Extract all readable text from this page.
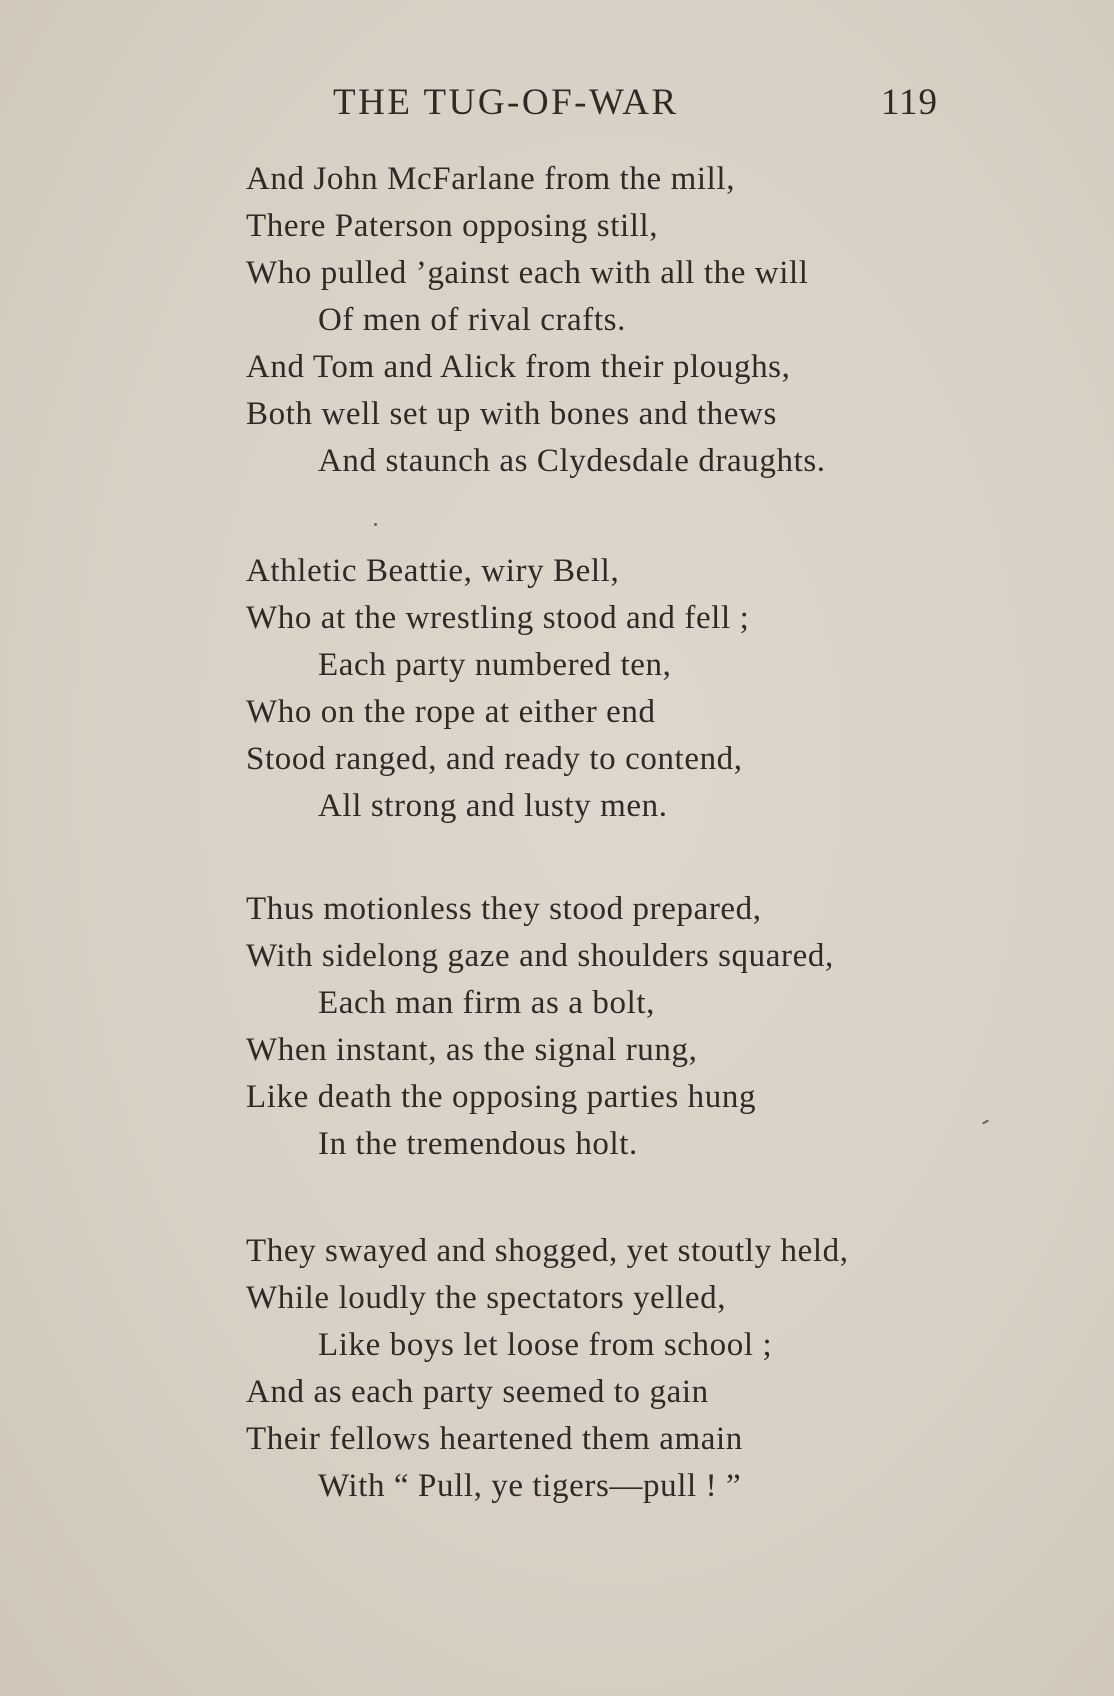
THE TUG-OF-WAR	119
And John McFarlane from the mill,
There Paterson opposing still,
Who pulled ’gainst each with all the will
Of men of rival crafts.
And Tom and Alick from their ploughs,
Both well set up with bones and thews
And staunch as Clydesdale draughts.
Athletic Beattie, wiry Bell,
Who at the wrestling stood and fell ;
Each party numbered ten,
Who on the rope at either end
Stood ranged, and ready to contend,
All strong and lusty men.
Thus motionless they stood prepared,
With sidelong gaze and shoulders squared,
Each man firm as a bolt,
When instant, as the signal rung,
Like death the opposing parties hung
In the tremendous holt.
They swayed and shogged, yet stoutly held,
While loudly the spectators yelled,
Like boys let loose from school ;
And as each party seemed to gain
Their fellows heartened them amain
With “ Pull, ye tigers—pull ! ”
